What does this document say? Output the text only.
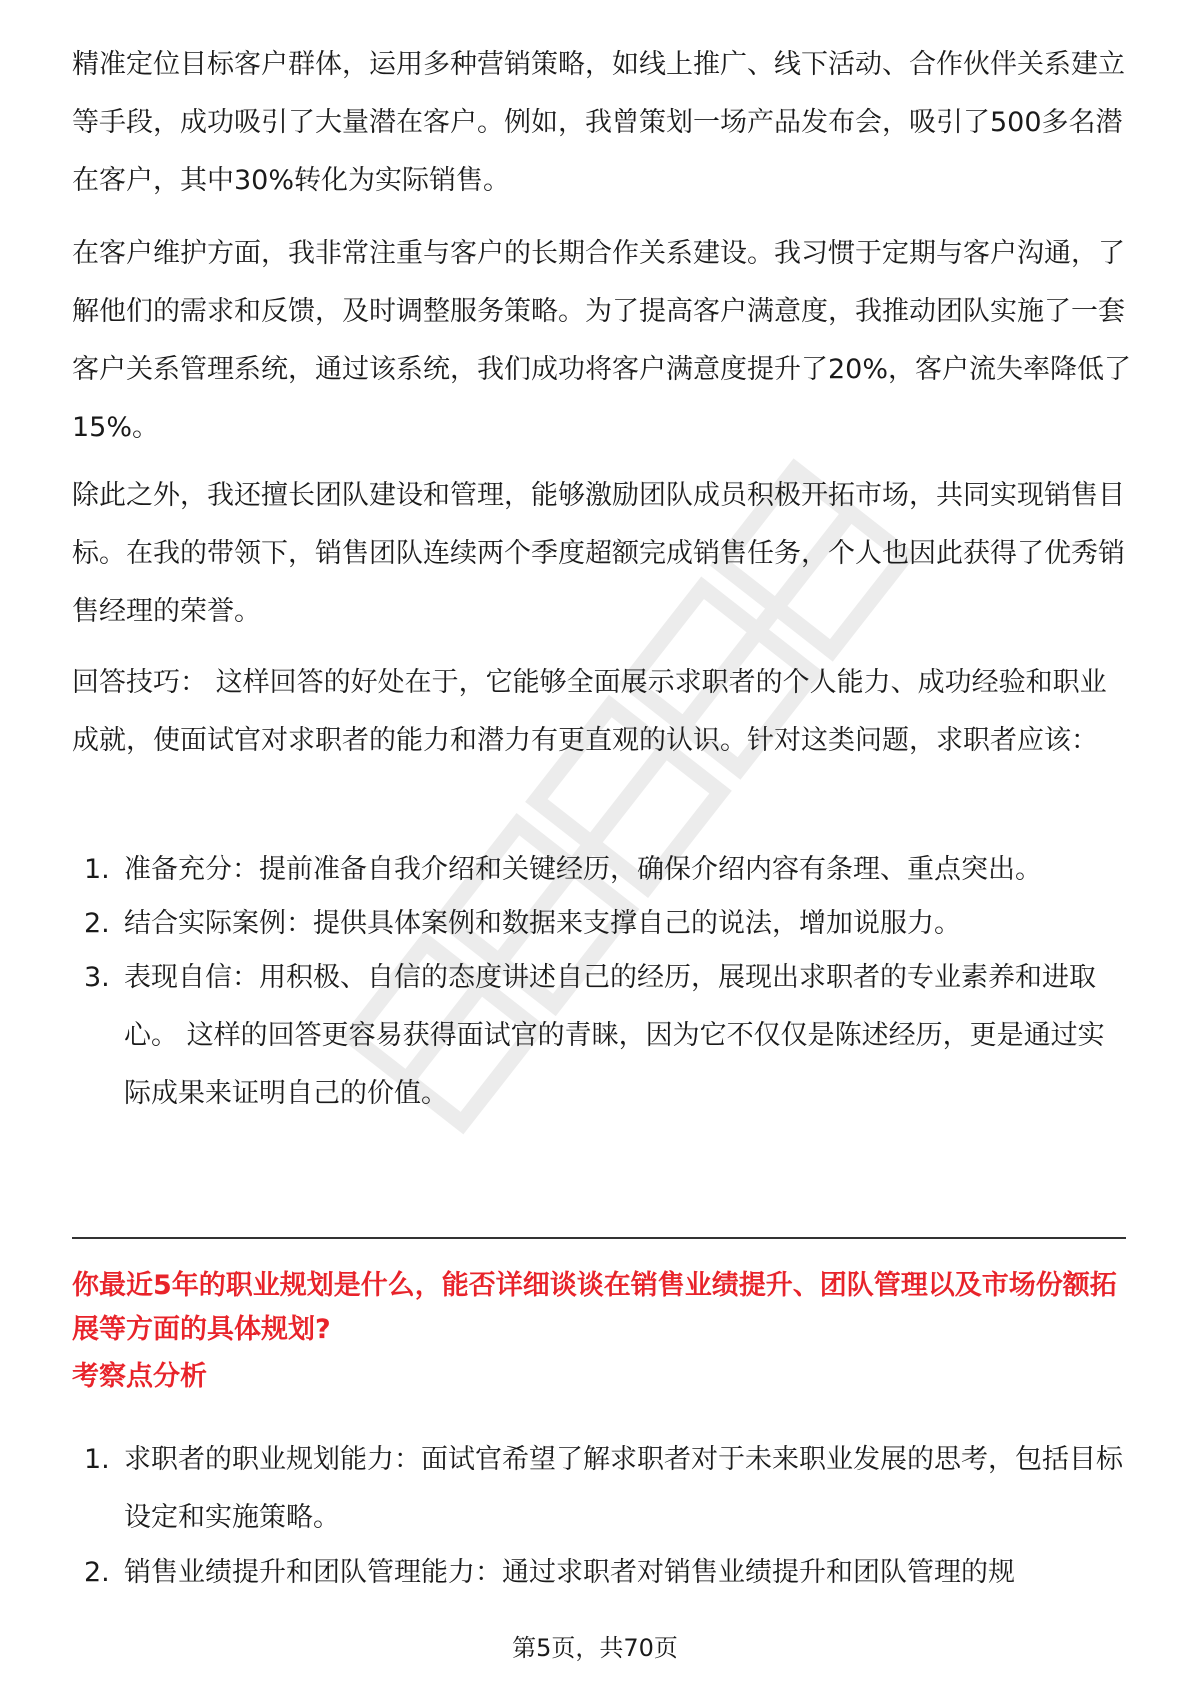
精准定位目标客户群体，运用多种营销策略，如线上推广、线下活动、合作伙伴关系建立等手段，成功吸引了大量潜在客户。例如，我曾策划一场产品发布会，吸引了500多名潜在客户，其中30%转化为实际销售。

在客户维护方面，我非常注重与客户的长期合作关系建设。我习惯于定期与客户沟通，了解他们的需求和反馈，及时调整服务策略。为了提高客户满意度，我推动团队实施了一套客户关系管理系统，通过该系统，我们成功将客户满意度提升了20%，客户流失率降低了15%。

除此之外，我还擅长团队建设和管理，能够激励团队成员积极开拓市场，共同实现销售目标。在我的带领下，销售团队连续两个季度超额完成销售任务，个人也因此获得了优秀销售经理的荣誉。

回答技巧： 这样回答的好处在于，它能够全面展示求职者的个人能力、成功经验和职业成就，使面试官对求职者的能力和潜力有更直观的认识。针对这类问题，求职者应该：

1. 准备充分：提前准备自我介绍和关键经历，确保介绍内容有条理、重点突出。

2. 结合实际案例：提供具体案例和数据来支撑自己的说法，增加说服力。

3. 表现自信：用积极、自信的态度讲述自己的经历，展现出求职者的专业素养和进取心。 这样的回答更容易获得面试官的青睐，因为它不仅仅是陈述经历，更是通过实际成果来证明自己的价值。

你最近5年的职业规划是什么，能否详细谈谈在销售业绩提升、团队管理以及市场份额拓展等方面的具体规划?

考察点分析

1. 求职者的职业规划能力：面试官希望了解求职者对于未来职业发展的思考，包括目标设定和实施策略。

2. 销售业绩提升和团队管理能力：通过求职者对销售业绩提升和团队管理的规

第5页，共70页
